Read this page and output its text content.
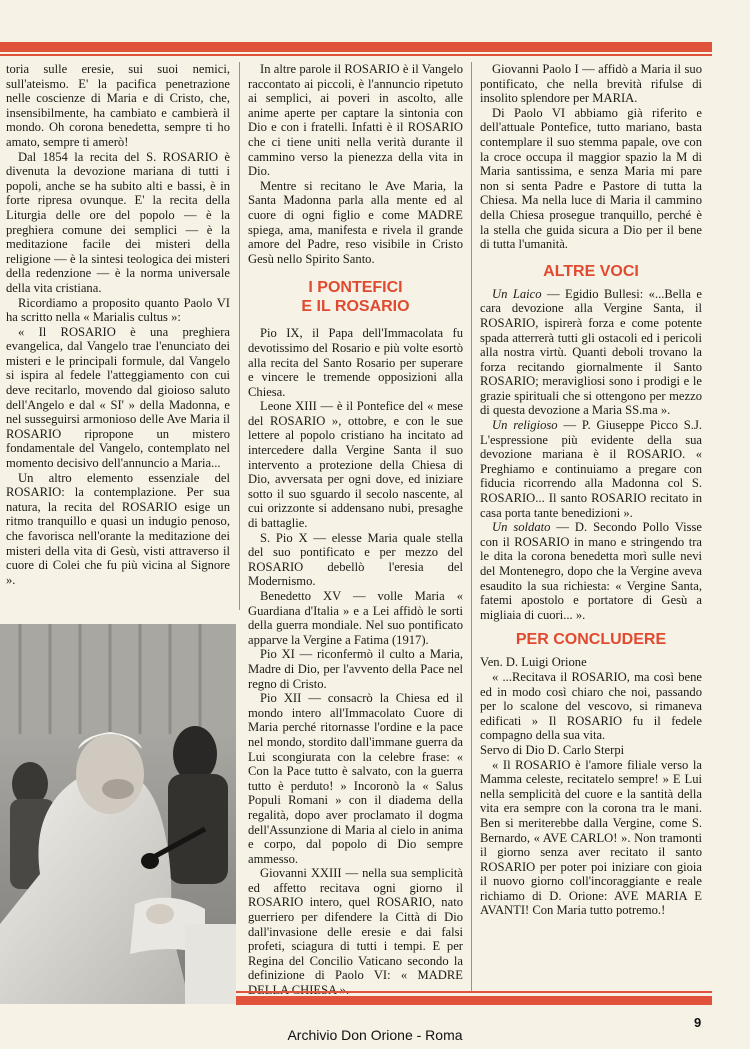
toria sulle eresie, sui suoi nemici, sull'ateismo. E' la pacifica penetrazione nelle coscienze di Maria e di Cristo, che, insensibilmente, ha cambiato e cambierà il mondo. Oh corona benedetta, sempre ti ho amato, sempre ti amerò!

Dal 1854 la recita del S. ROSARIO è divenuta la devozione mariana di tutti i popoli, anche se ha subito alti e bassi, è in forte ripresa ovunque. E' la recita della Liturgia delle ore del popolo — è la preghiera comune dei semplici — è la meditazione facile dei misteri della religione — è la sintesi teologica dei misteri della redenzione — è la norma universale della vita cristiana.

Ricordiamo a proposito quanto Paolo VI ha scritto nella « Marialis cultus »:

« Il ROSARIO è una preghiera evangelica, dal Vangelo trae l'enunciato dei misteri e le principali formule, dal Vangelo si ispira al fedele l'atteggiamento con cui deve recitarlo, movendo dal gioioso saluto dell'Angelo e dal « SI' » della Madonna, e nel susseguirsi armonioso delle Ave Maria il ROSARIO ripropone un mistero fondamentale del Vangelo, contemplato nel momento decisivo dell'annuncio a Maria...

Un altro elemento essenziale del ROSARIO: la contemplazione. Per sua natura, la recita del ROSARIO esige un ritmo tranquillo e quasi un indugio penoso, che favorisca nell'orante la meditazione dei misteri della vita di Gesù, visti attraverso il cuore di Colei che fu più vicina al Signore ».

In altre parole il ROSARIO è il Vangelo raccontato ai piccoli, è l'annuncio ripetuto ai semplici, ai poveri in ascolto, alle anime aperte per captare la sintonia con Dio e con i fratelli. Infatti è il ROSARIO che ci tiene uniti nella verità durante il cammino verso la pienezza della vita in Dio.

Mentre si recitano le Ave Maria, la Santa Madonna parla alla mente ed al cuore di ogni figlio e come MADRE spiega, ama, manifesta e rivela il grande amore del Padre, reso visibile in Cristo Gesù nello Spirito Santo.

I PONTEFICI
E IL ROSARIO

Pio IX, il Papa dell'Immacolata fu devotissimo del Rosario e più volte esortò alla recita del Santo Rosario per superare e vincere le tremende opposizioni alla Chiesa.

Leone XIII — è il Pontefice del « mese del ROSARIO », ottobre, e con le sue lettere al popolo cristiano ha incitato ad intercedere dalla Vergine Santa il suo intervento a protezione della Chiesa di Dio, avversata per ogni dove, ed iniziare sotto il suo sguardo il secolo nascente, al cui orizzonte si addensano nubi, presaghe di battaglie.

S. Pio X — elesse Maria quale stella del suo pontificato e per mezzo del ROSARIO debellò l'eresia del Modernismo.

Benedetto XV — volle Maria « Guardiana d'Italia » e a Lei affidò le sorti della guerra mondiale. Nel suo pontificato apparve la Vergine a Fatima (1917).

Pio XI — riconfermò il culto a Maria, Madre di Dio, per l'avvento della Pace nel regno di Cristo.

Pio XII — consacrò la Chiesa ed il mondo intero all'Immacolato Cuore di Maria perché ritornasse l'ordine e la pace nel mondo, stordito dall'immane guerra da Lui scongiurata con la celebre frase: « Con la Pace tutto è salvato, con la guerra tutto è perduto! » Incoronò la « Salus Populi Romani » con il diadema della regalità, dopo aver proclamato il dogma dell'Assunzione di Maria al cielo in anima e corpo, dal popolo di Dio sempre ammesso.

Giovanni XXIII — nella sua semplicità ed affetto recitava ogni giorno il ROSARIO intero, quel ROSARIO, nato guerriero per difendere la Città di Dio dall'invasione delle eresie e dai falsi profeti, sciagura di tutti i tempi. E per Regina del Concilio Vaticano secondo la definizione di Paolo VI: « MADRE

Giovanni Paolo I — affidò a Maria il suo pontificato, che nella brevità rifulse di insolito splendore per MARIA.

Di Paolo VI abbiamo già riferito e dell'attuale Pontefice, tutto mariano, basta contemplare il suo stemma papale, ove con la croce occupa il maggior spazio la M di Maria santissima, e senza Maria mi pare non si senta Padre e Pastore di tutta la Chiesa. Ma nella luce di Maria il cammino della Chiesa prosegue tranquillo, perché è la stella che guida sicura a Dio per il bene di tutta l'umanità.

ALTRE VOCI

Un Laico — Egidio Bullesi: «...Bella e cara devozione alla Vergine Santa, il ROSARIO, ispirerà forza e come potente spada atterrerà tutti gli ostacoli ed i pericoli alla nostra virtù. Quanti deboli trovano la forza recitando giornalmente il Santo ROSARIO; meravigliosi sono i prodigi e le grazie spirituali che si ottengono per mezzo di questa devozione a Maria SS.ma ».

Un religioso — P. Giuseppe Picco S.J. L'espressione più evidente della sua devozione mariana è il ROSARIO. « Preghiamo e continuiamo a pregare con fiducia ricorrendo alla Madonna col S. ROSARIO... Il santo ROSARIO recitato in casa porta tante benedizioni ».

Un soldato — D. Secondo Pollo Visse con il ROSARIO in mano e stringendo tra le dita la corona benedetta morì sulle nevi del Montenegro, dopo che la Vergine aveva esaudito la sua richiesta: « Vergine Santa, fatemi apostolo e portatore di Gesù a migliaia di cuori... ».

PER CONCLUDERE

Ven. D. Luigi Orione

« ...Recitava il ROSARIO, ma così bene ed in modo così chiaro che noi, passando per lo scalone del vescovo, si rimaneva edificati » Il ROSARIO fu il fedele compagno della sua vita.

Servo di Dio D. Carlo Sterpi

« Il ROSARIO è l'amore filiale verso la Mamma celeste, recitatelo sempre! » E Lui nella semplicità del cuore e la santità della vita era sempre con la corona tra le mani. Ben si meriterebbe dalla Vergine, come S. Bernardo, « AVE CARLO! ». Non tramonti il giorno senza aver recitato il santo ROSARIO per poter poi iniziare con gioia il nuovo giorno coll'incoraggiante e reale richiamo di D. Orione: AVE MARIA E AVANTI! Con Maria tutto potremo.!

9
Archivio Don Orione - Roma
